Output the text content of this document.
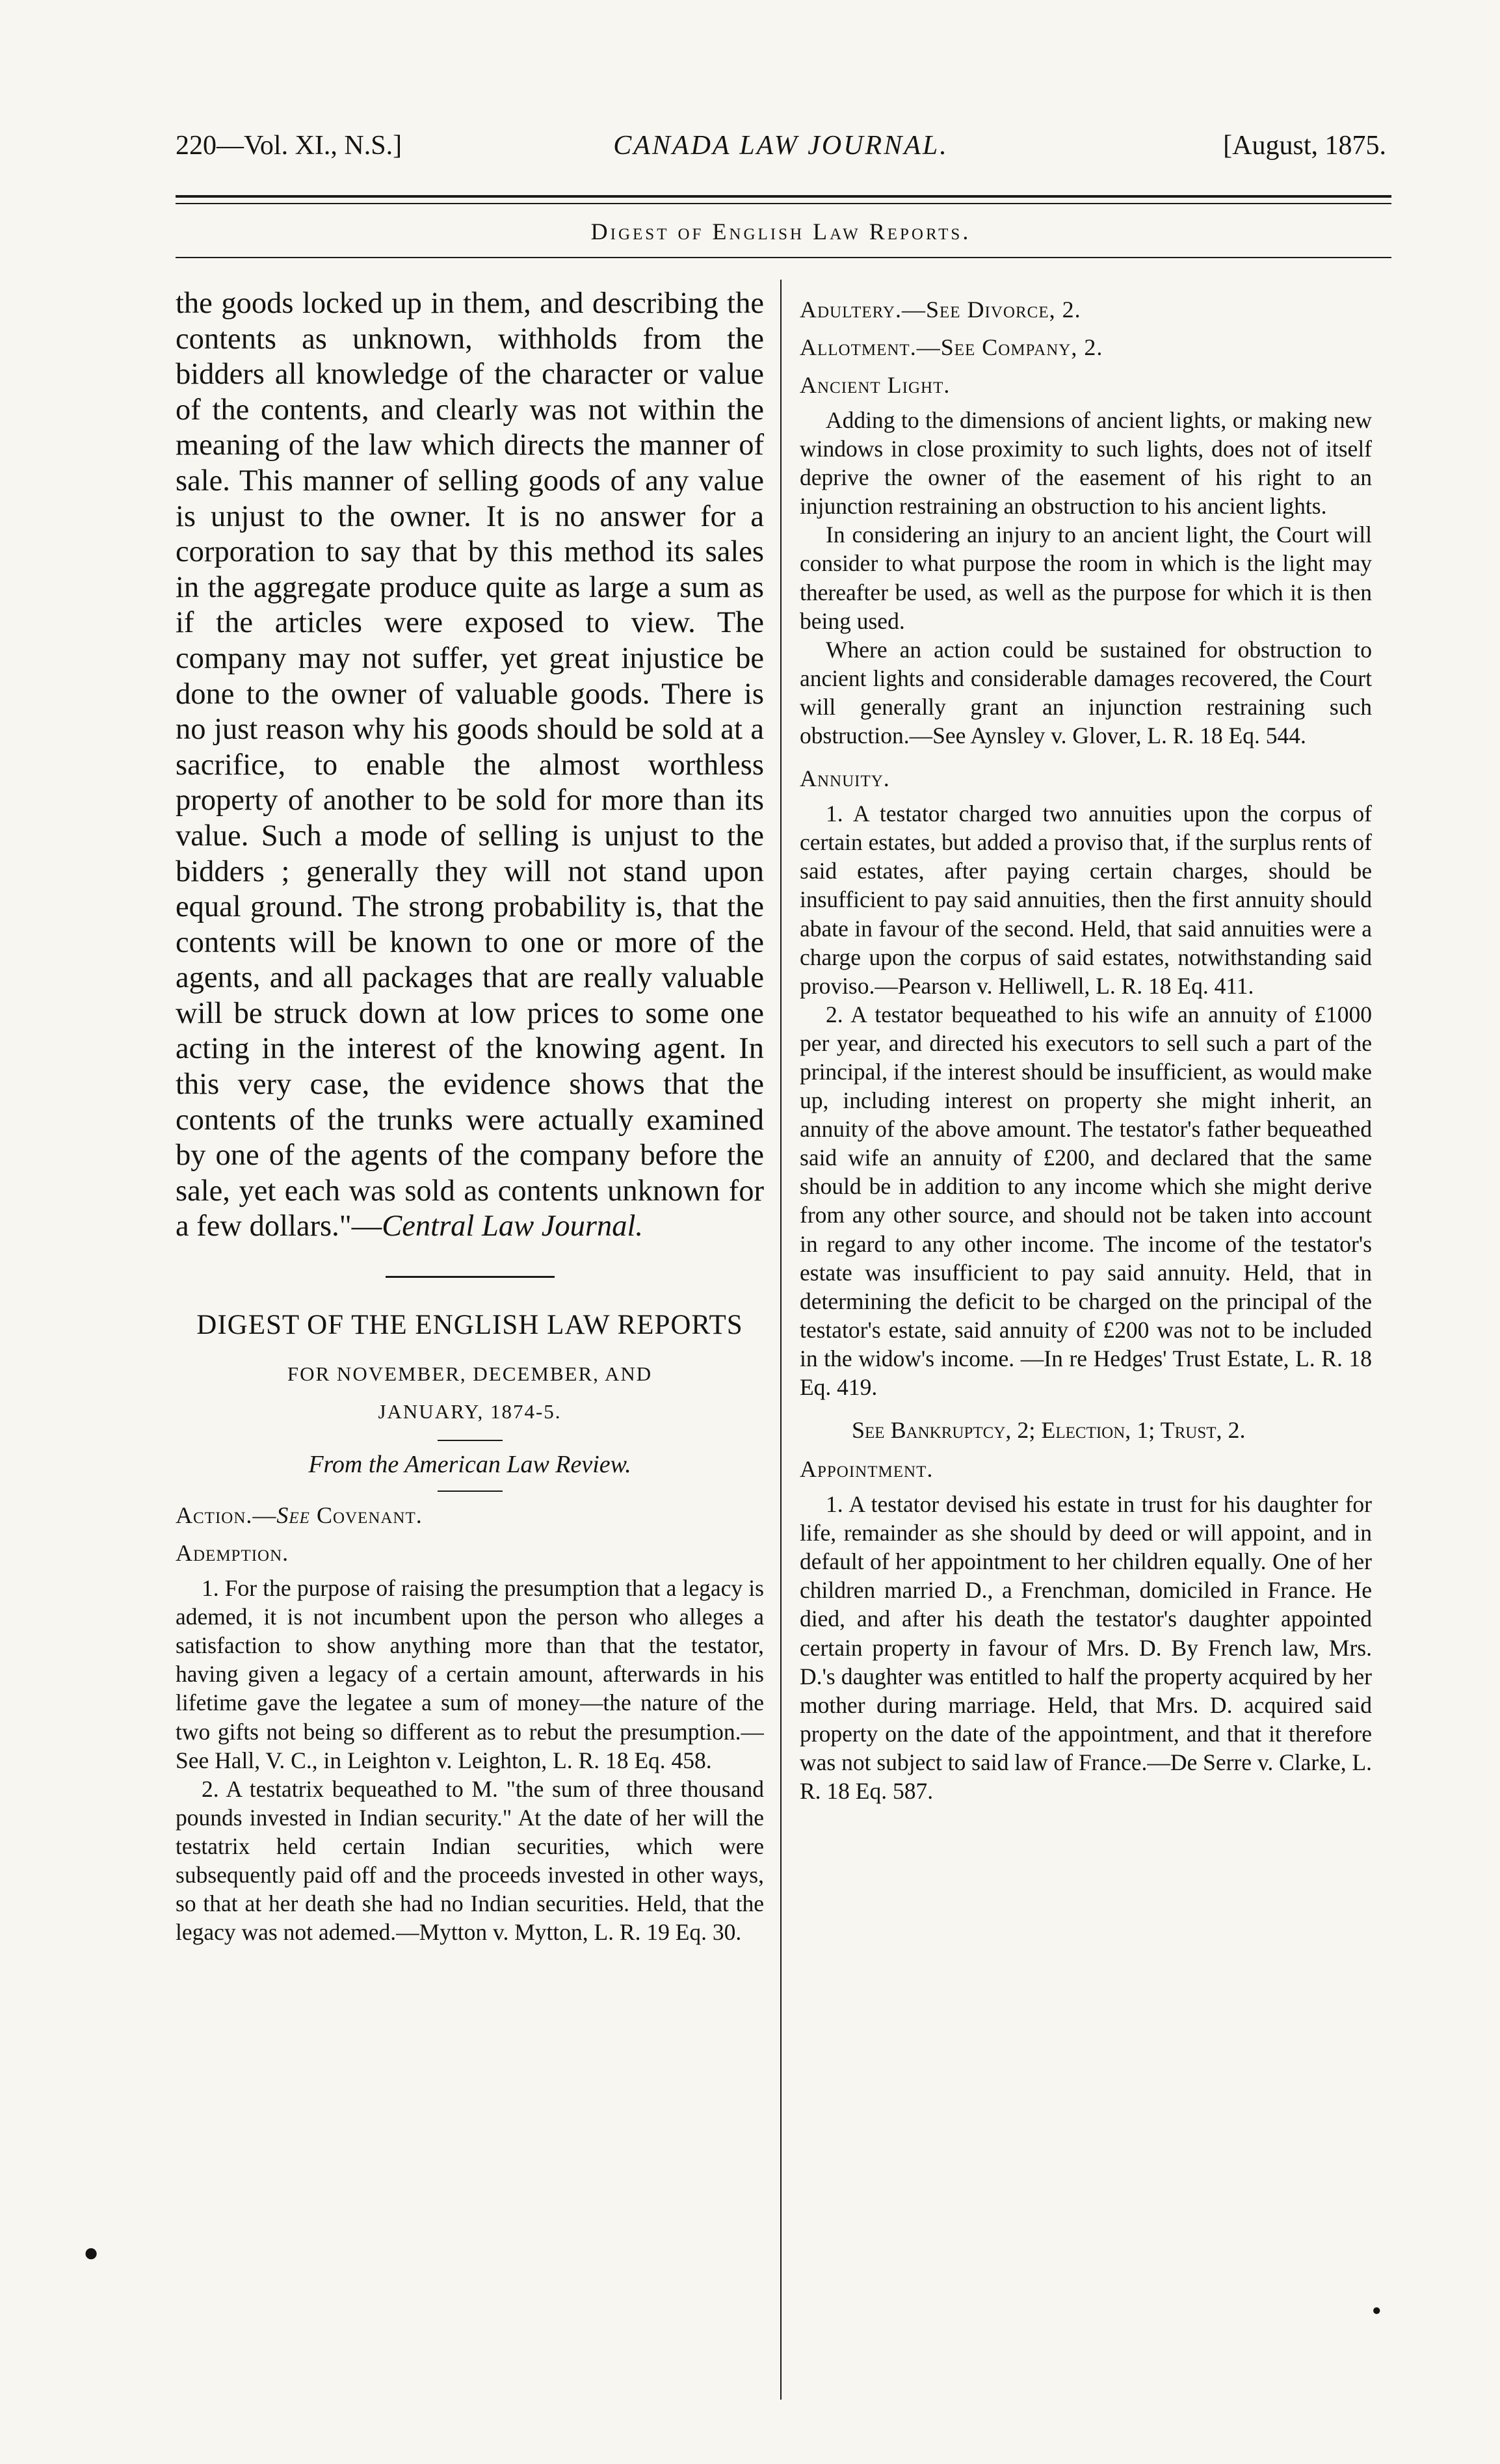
220—Vol. XI., N.S.]	CANADA LAW JOURNAL.	[August, 1875.
Digest of English Law Reports.

the goods locked up in them, and describing the contents as unknown, withholds from the bidders all knowledge of the character or value of the contents, and clearly was not within the meaning of the law which directs the manner of sale. This manner of selling goods of any value is unjust to the owner. It is no answer for a corporation to say that by this method its sales in the aggregate produce quite as large a sum as if the articles were exposed to view. The company may not suffer, yet great injustice be done to the owner of valuable goods. There is no just reason why his goods should be sold at a sacrifice, to enable the almost worthless property of another to be sold for more than its value. Such a mode of selling is unjust to the bidders ; generally they will not stand upon equal ground. The strong probability is, that the contents will be known to one or more of the agents, and all packages that are really valuable will be struck down at low prices to some one acting in the interest of the knowing agent. In this very case, the evidence shows that the contents of the trunks were actually examined by one of the agents of the company before the sale, yet each was sold as contents unknown for a few dollars."—Central Law Journal.

DIGEST OF THE ENGLISH LAW REPORTS
FOR NOVEMBER, DECEMBER, AND
JANUARY, 1874-5.
From the American Law Review.
Action.—See Covenant.
Ademption.

1. For the purpose of raising the presumption that a legacy is ademed, it is not incumbent upon the person who alleges a satisfaction to show anything more than that the testator, having given a legacy of a certain amount, afterwards in his lifetime gave the legatee a sum of money—the nature of the two gifts not being so different as to rebut the presumption.—See Hall, V. C., in Leighton v. Leighton, L. R. 18 Eq. 458.

2. A testatrix bequeathed to M. "the sum of three thousand pounds invested in Indian security." At the date of her will the testatrix held certain Indian securities, which were subsequently paid off and the proceeds invested in other ways, so that at her death she had no Indian securities. Held, that the legacy was not ademed.—Mytton v. Mytton, L. R. 19 Eq. 30.

Adultery.—See Divorce, 2.
Allotment.—See Company, 2.
Ancient Light.

Adding to the dimensions of ancient lights, or making new windows in close proximity to such lights, does not of itself deprive the owner of the easement of his right to an injunction restraining an obstruction to his ancient lights.

In considering an injury to an ancient light, the Court will consider to what purpose the room in which is the light may thereafter be used, as well as the purpose for which it is then being used.

Where an action could be sustained for obstruction to ancient lights and considerable damages recovered, the Court will generally grant an injunction restraining such obstruction.—See Aynsley v. Glover, L. R. 18 Eq. 544.

Annuity.

1. A testator charged two annuities upon the corpus of certain estates, but added a proviso that, if the surplus rents of said estates, after paying certain charges, should be insufficient to pay said annuities, then the first annuity should abate in favour of the second. Held, that said annuities were a charge upon the corpus of said estates, notwithstanding said proviso.—Pearson v. Helliwell, L. R. 18 Eq. 411.

2. A testator bequeathed to his wife an annuity of £1000 per year, and directed his executors to sell such a part of the principal, if the interest should be insufficient, as would make up, including interest on property she might inherit, an annuity of the above amount. The testator's father bequeathed said wife an annuity of £200, and declared that the same should be in addition to any income which she might derive from any other source, and should not be taken into account in regard to any other income. The income of the testator's estate was insufficient to pay said annuity. Held, that in determining the deficit to be charged on the principal of the testator's estate, said annuity of £200 was not to be included in the widow's income. —In re Hedges' Trust Estate, L. R. 18 Eq. 419.

See Bankruptcy, 2; Election, 1; Trust, 2.
Appointment.

1. A testator devised his estate in trust for his daughter for life, remainder as she should by deed or will appoint, and in default of her appointment to her children equally. One of her children married D., a Frenchman, domiciled in France. He died, and after his death the testator's daughter appointed certain property in favour of Mrs. D. By French law, Mrs. D.'s daughter was entitled to half the property acquired by her mother during marriage. Held, that Mrs. D. acquired said property on the date of the appointment, and that it therefore was not subject to said law of France.—De Serre v. Clarke, L. R. 18 Eq. 587.

●
●
